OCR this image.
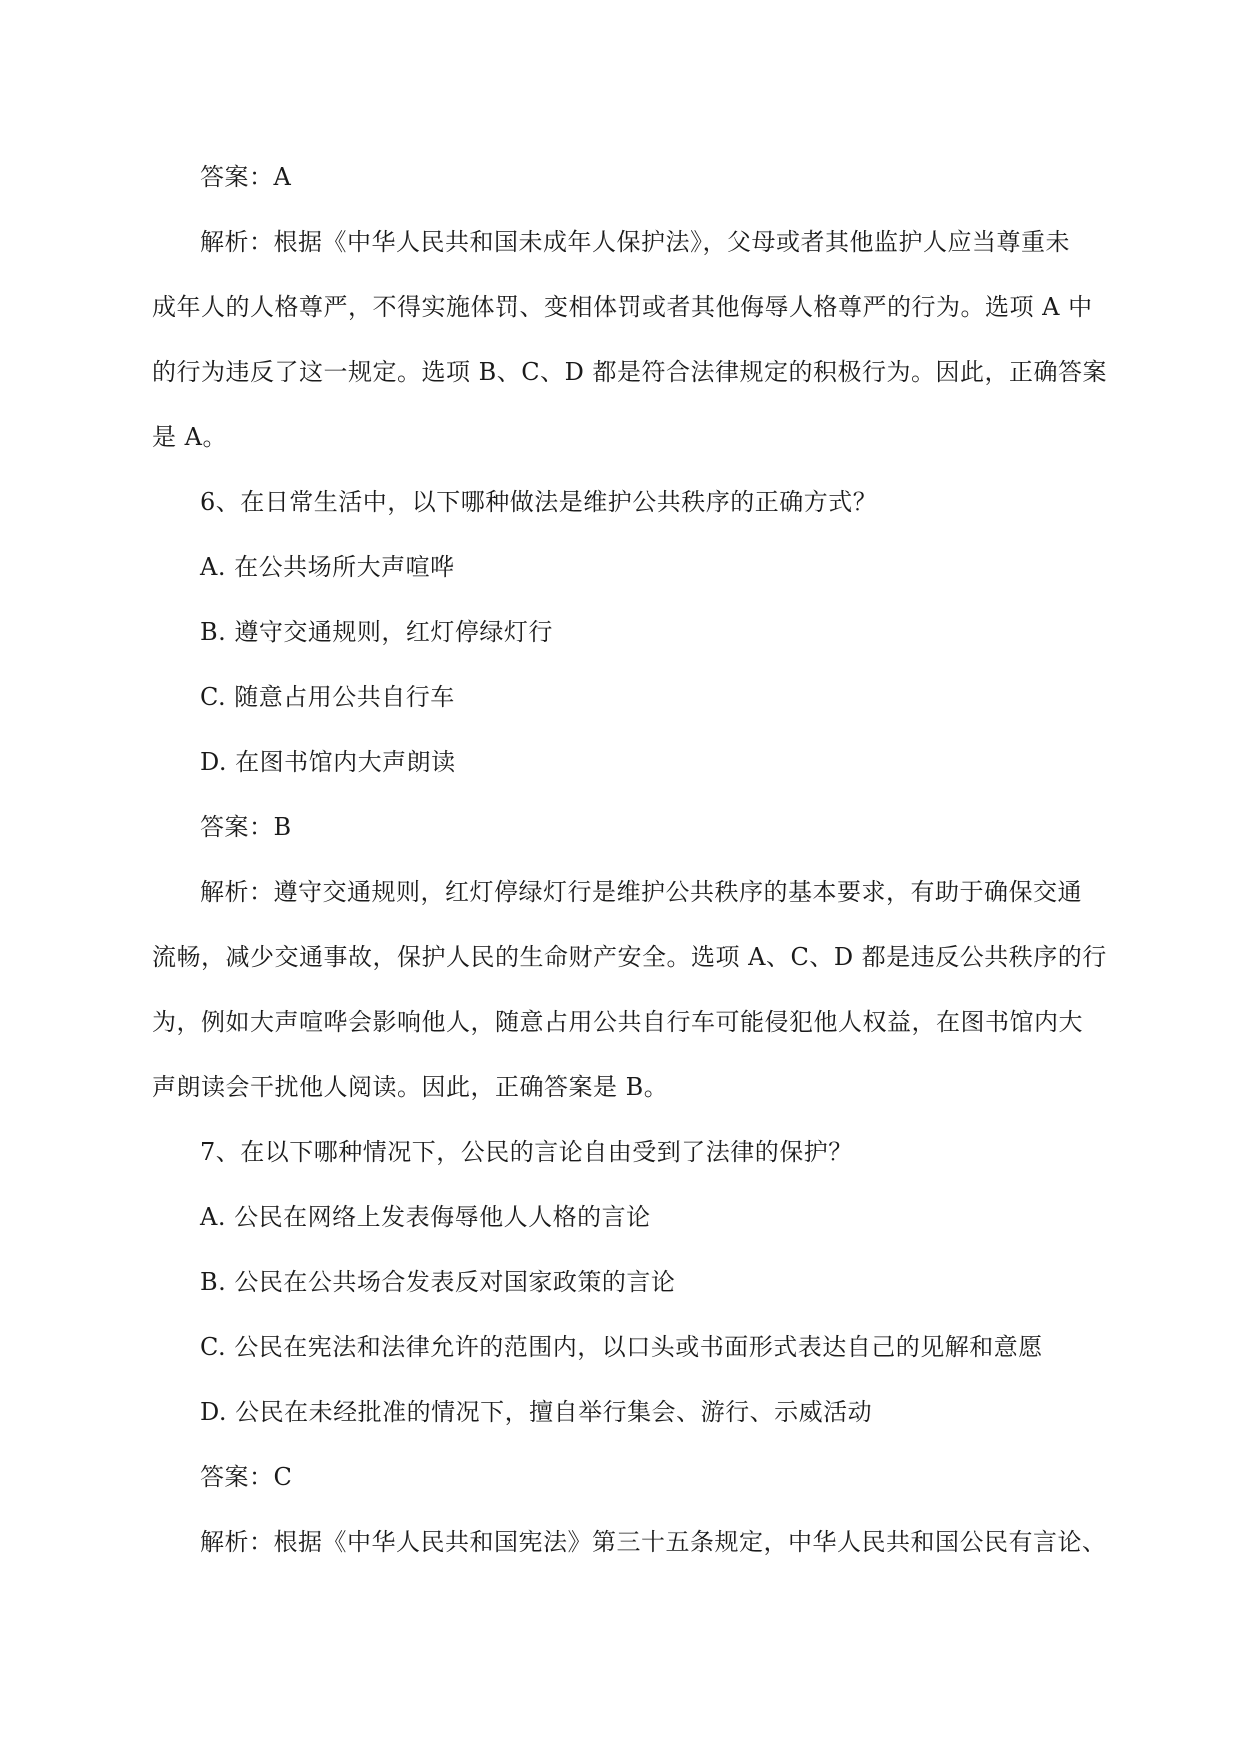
答案：A
解析：根据《中华人民共和国未成年人保护法》，父母或者其他监护人应当尊重未
成年人的人格尊严，不得实施体罚、变相体罚或者其他侮辱人格尊严的行为。选项 A 中
的行为违反了这一规定。选项 B、C、D 都是符合法律规定的积极行为。因此，正确答案
是 A。
6、在日常生活中，以下哪种做法是维护公共秩序的正确方式？
A. 在公共场所大声喧哗
B. 遵守交通规则，红灯停绿灯行
C. 随意占用公共自行车
D. 在图书馆内大声朗读
答案：B
解析：遵守交通规则，红灯停绿灯行是维护公共秩序的基本要求，有助于确保交通
流畅，减少交通事故，保护人民的生命财产安全。选项 A、C、D 都是违反公共秩序的行
为，例如大声喧哗会影响他人，随意占用公共自行车可能侵犯他人权益，在图书馆内大
声朗读会干扰他人阅读。因此，正确答案是 B。
7、在以下哪种情况下，公民的言论自由受到了法律的保护？
A. 公民在网络上发表侮辱他人人格的言论
B. 公民在公共场合发表反对国家政策的言论
C. 公民在宪法和法律允许的范围内，以口头或书面形式表达自己的见解和意愿
D. 公民在未经批准的情况下，擅自举行集会、游行、示威活动
答案：C
解析：根据《中华人民共和国宪法》第三十五条规定，中华人民共和国公民有言论、
